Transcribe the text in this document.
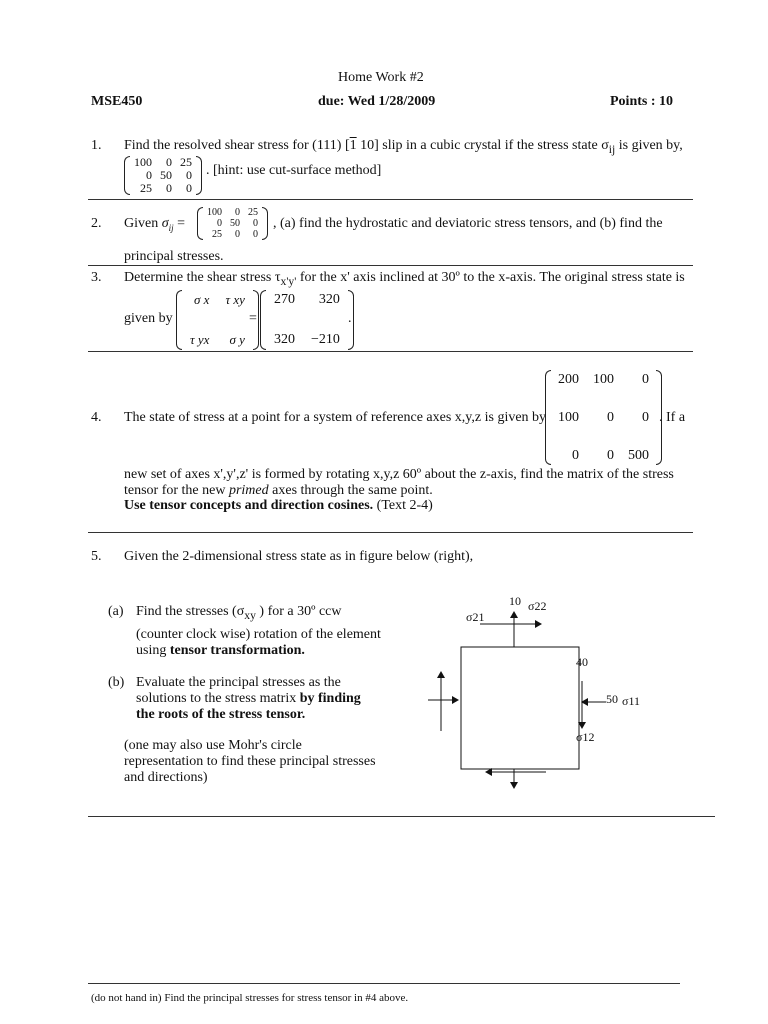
Home Work #2
MSE450	due: Wed 1/28/2009	Points : 10
1. Find the resolved shear stress for (111) [1 10] slip in a cubic crystal if the stress state $\sigma_{ij}$ is given by,
100	0	25
0	50	0
25	0	0
. [hint: use cut-surface method]
2. Given $\sigma_{ij}$ =
100	0	25
0	50	0
25	0	0
, (a) find the hydrostatic and deviatoric stress tensors, and (b) find the
principal stresses.
3. Determine the shear stress $\tau_{x'y'}$ for the x' axis inclined at 30º to the x-axis. The original stress state is
given by
σ x	τ xy

τ yx	σ y
=
270	320

320	−210
.
200	100	0

100	0	0

0	0	500
4. The state of stress at a point for a system of reference axes x,y,z is given by	. If a
new set of axes x',y',z' is formed by rotating x,y,z 60º about the z-axis, find the matrix of the stress
tensor for the new primed axes through the same point.
Use tensor concepts and direction cosines. (Text 2-4)
5. Given the 2-dimensional stress state as in figure below (right),
(a) Find the stresses ($\sigma_{xy}$ ) for a 30º ccw
(counter clock wise) rotation of the element
using tensor transformation.
(b) Evaluate the principal stresses as the
solutions to the stress matrix by finding
the roots of the stress tensor.
(one may also use Mohr's circle
representation to find these principal stresses
and directions)
10 σ22
σ21
40
50 σ11
σ12
(do not hand in) Find the principal stresses for stress tensor in #4 above.
